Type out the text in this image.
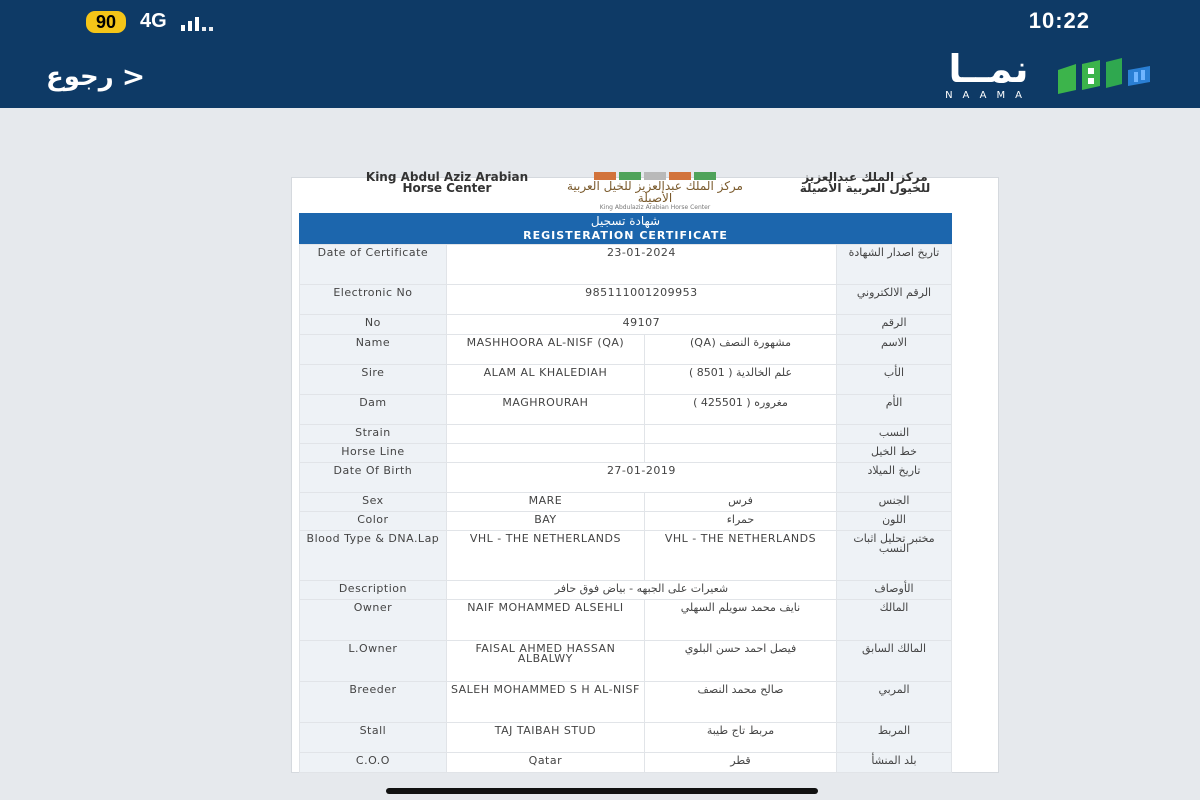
90	4G	10:22
رجوع >	نمــا
NAAMA
King Abdul Aziz Arabian Horse Center	مركز الملك عبدالعزيز للخيل العربية الأصيلة
King Abdulaziz Arabian Horse Center
مركز الملك عبدالعزيز للخيول العربية الأصيلة
شهادة تسجيل
REGISTERATION CERTIFICATE
Date of Certificate	23-01-2024		تاريخ اصدار الشهادة
Electronic No	985111001209953		الرقم الالكتروني
No	49107		الرقم
Name	MASHHOORA AL-NISF (QA)	مشهورة النصف (QA)	الاسم
Sire	ALAM AL KHALEDIAH	علم الخالدية ( 8501 )	الأب
Dam	MAGHROURAH	مغروره ( 425501 )	الأم
Strain			النسب
Horse Line			خط الخيل
Date Of Birth	27-01-2019		تاريخ الميلاد
Sex	MARE	فرس	الجنس
Color	BAY	حمراء	اللون
Blood Type & DNA.Lap	VHL - THE NETHERLANDS	VHL - THE NETHERLANDS	مختبر تحليل اثبات النسب
Description	شعيرات على الجبهه - بياض فوق حافر		الأوصاف
Owner	NAIF MOHAMMED ALSEHLI	نايف محمد سويلم السهلي	المالك
L.Owner	FAISAL AHMED HASSAN ALBALWY	فيصل احمد حسن البلوي	المالك السابق
Breeder	SALEH MOHAMMED S H AL-NISF	صالح محمد النصف	المربي
Stall	TAJ TAIBAH STUD	مربط تاج طيبة	المربط
C.O.O	Qatar	قطر	بلد المنشأ
